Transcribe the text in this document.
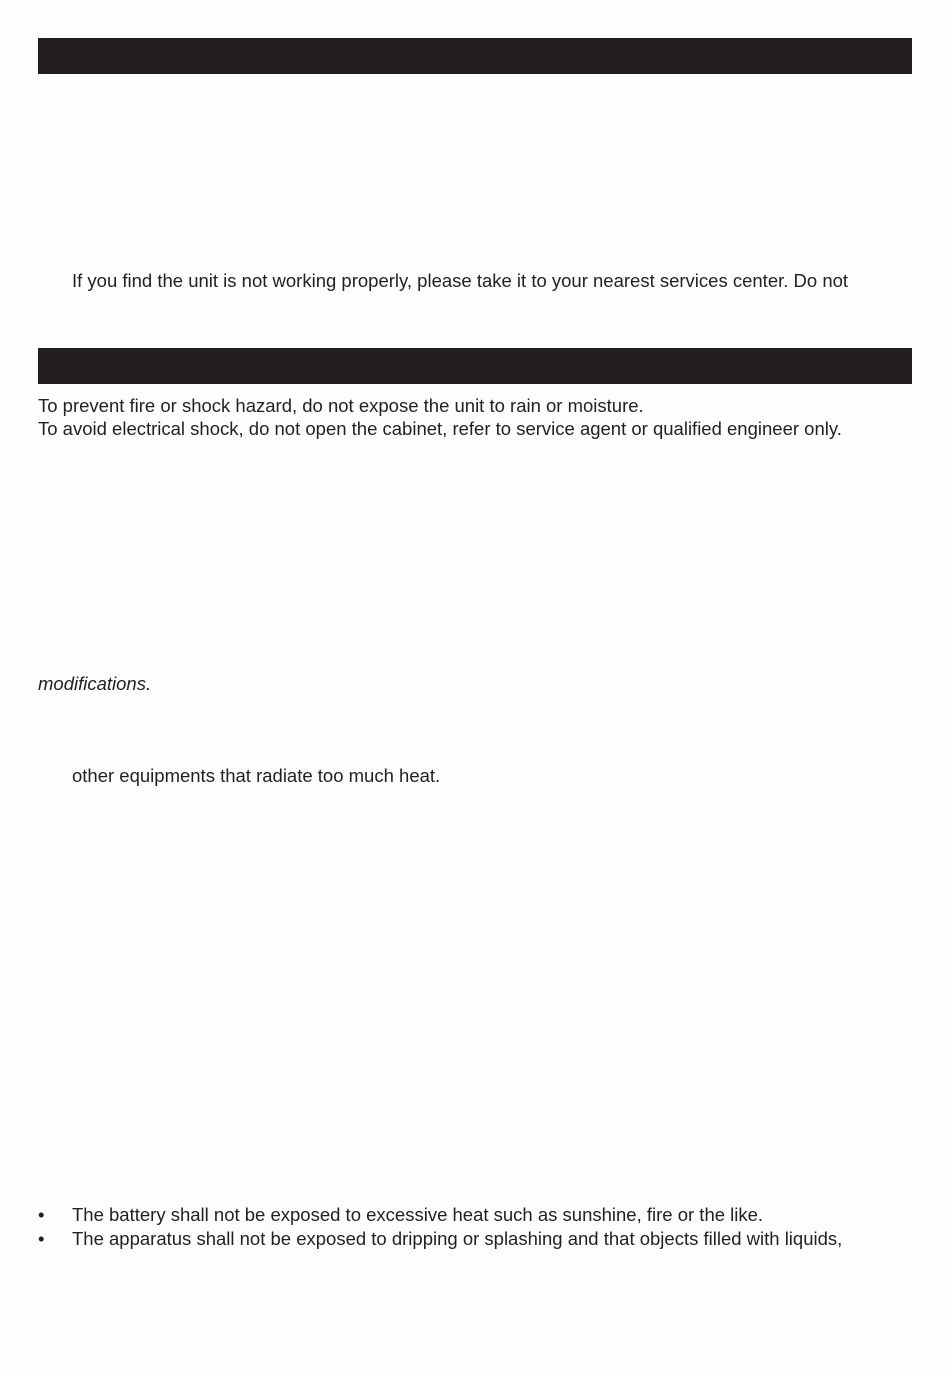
If you find the unit is not working properly, please take it to your nearest services center. Do not
To prevent fire or shock hazard, do not expose the unit to rain or moisture.
To avoid electrical shock, do not open the cabinet, refer to service agent or qualified engineer only.
modifications.
other equipments that radiate too much heat.
• The battery shall not be exposed to excessive heat such as sunshine, fire or the like.
• The apparatus shall not be exposed to dripping or splashing and that objects filled with liquids,
